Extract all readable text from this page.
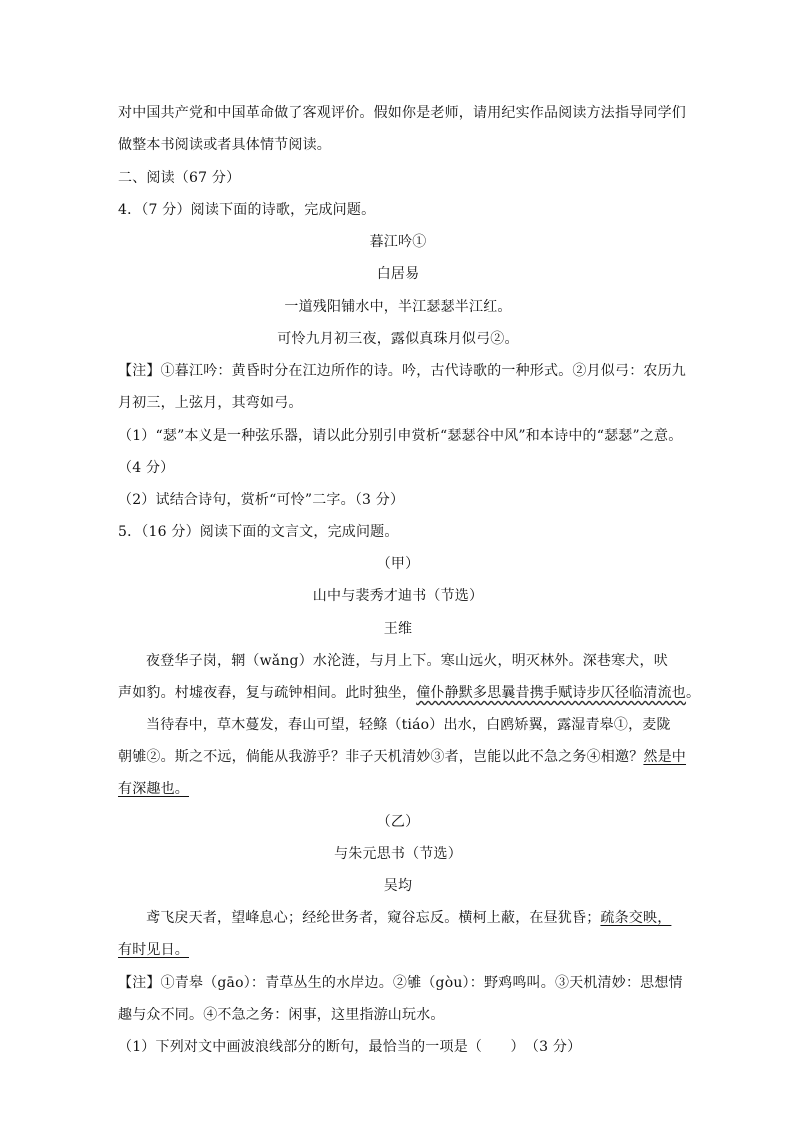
对中国共产党和中国革命做了客观评价。假如你是老师，请用纪实作品阅读方法指导同学们
做整本书阅读或者具体情节阅读。
二、阅读（67 分）
4．（7 分）阅读下面的诗歌，完成问题。
暮江吟①
白居易
一道残阳铺水中，半江瑟瑟半江红。
可怜九月初三夜，露似真珠月似弓②。
【注】①暮江吟：黄昏时分在江边所作的诗。吟，古代诗歌的一种形式。②月似弓：农历九
月初三，上弦月，其弯如弓。
（1）“瑟”本义是一种弦乐器，请以此分别引申赏析“瑟瑟谷中风”和本诗中的“瑟瑟”之意。
（4 分）
（2）试结合诗句，赏析“可怜”二字。（3 分）
5．（16 分）阅读下面的文言文，完成问题。
（甲）
山中与裴秀才迪书（节选）
王维
夜登华子岗，辋（wǎng）水沦涟，与月上下。寒山远火，明灭林外。深巷寒犬，吠
声如豹。村墟夜舂，复与疏钟相间。此时独坐，僮仆静默多思曩昔携手赋诗步仄径临清流也。
当待春中，草木蔓发，春山可望，轻鲦（tiáo）出水，白鸥矫翼，露湿青皋①，麦陇
朝雊②。斯之不远，倘能从我游乎？非子天机清妙③者，岂能以此不急之务④相邀？然是中
有深趣也。
（乙）
与朱元思书（节选）
吴均
鸢飞戾天者，望峰息心；经纶世务者，窥谷忘反。横柯上蔽，在昼犹昏；疏条交映，
有时见日。
【注】①青皋（gāo）：青草丛生的水岸边。②雊（gòu）：野鸡鸣叫。③天机清妙：思想情
趣与众不同。④不急之务：闲事，这里指游山玩水。
（1）下列对文中画波浪线部分的断句，最恰当的一项是（　　）　（3 分）
